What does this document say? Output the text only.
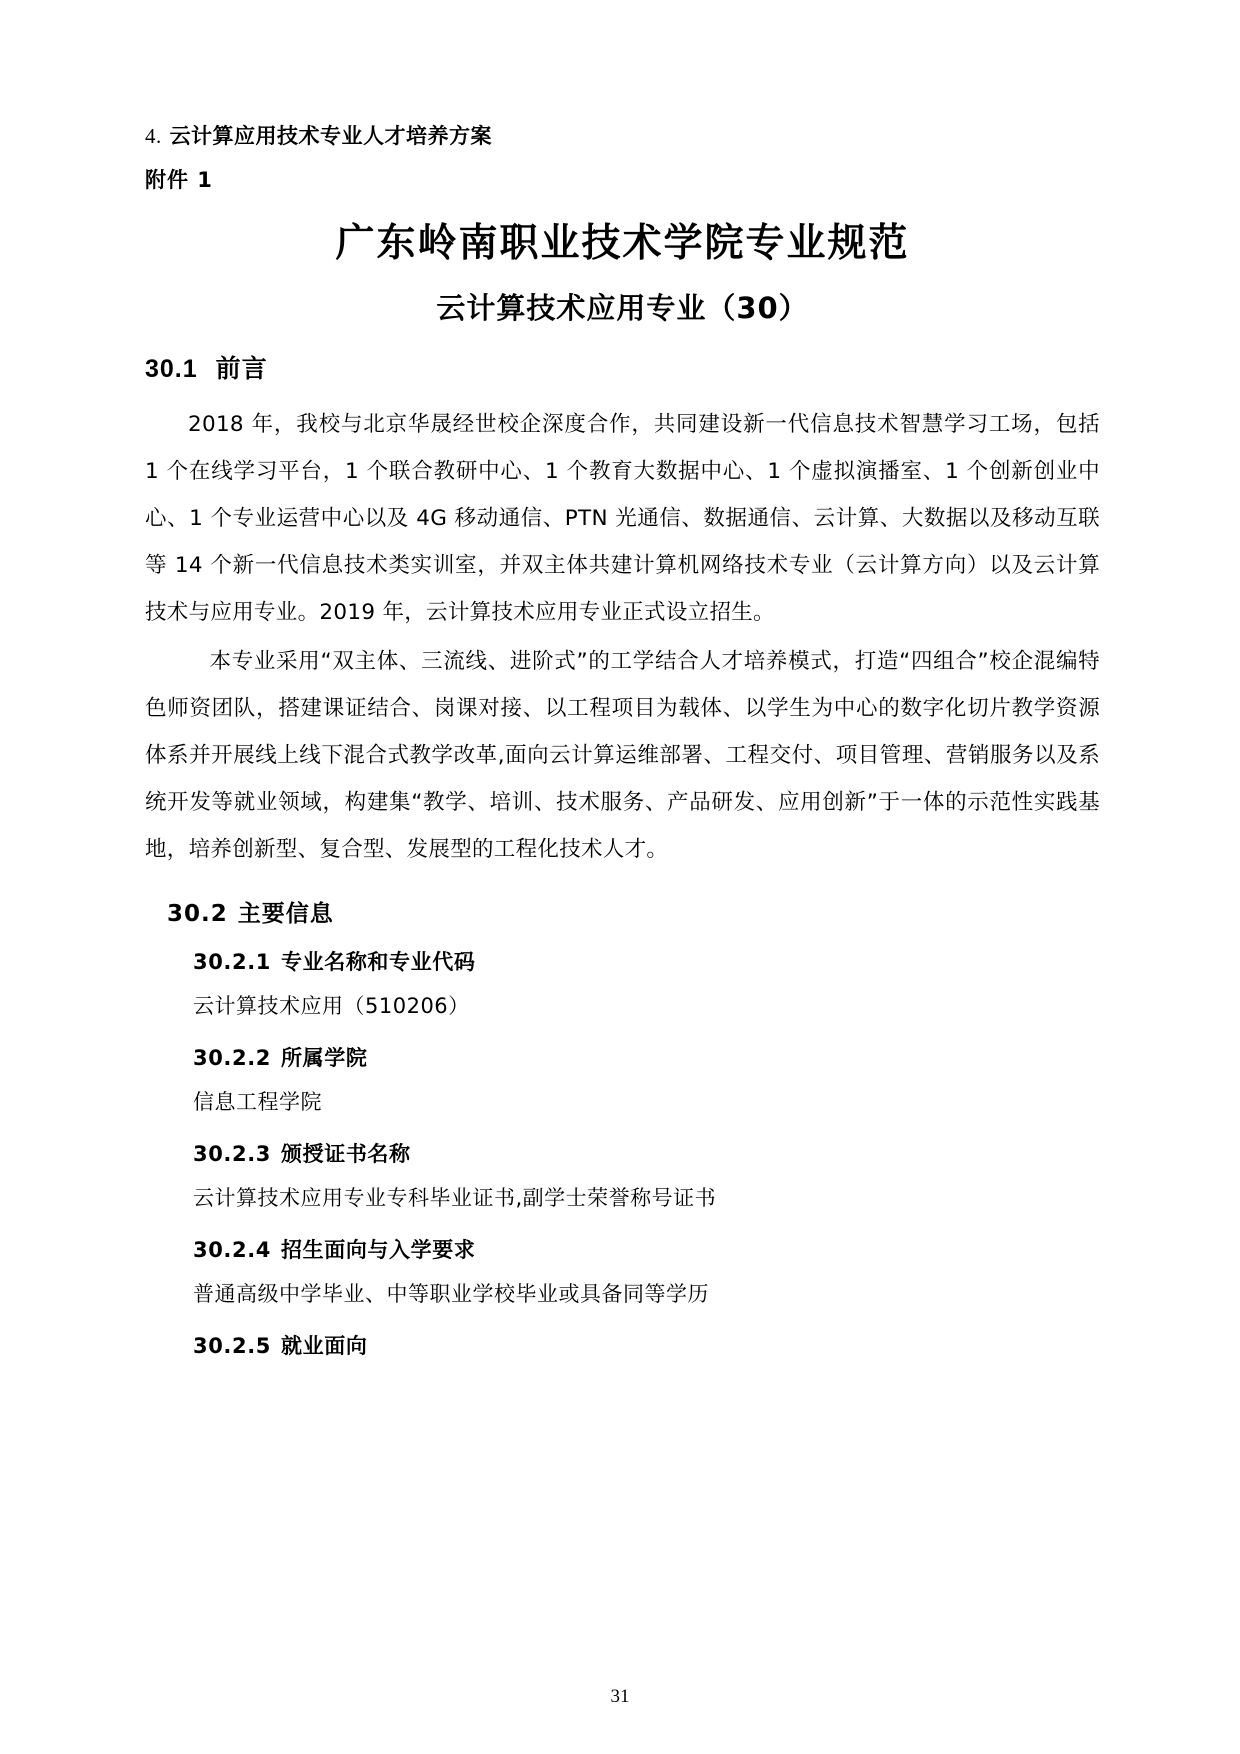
4. 云计算应用技术专业人才培养方案

附件 1

广东岭南职业技术学院专业规范
云计算技术应用专业（30）
30.1 前言

2018 年，我校与北京华晟经世校企深度合作，共同建设新一代信息技术智慧学习工场，包括 1 个在线学习平台，1 个联合教研中心、1 个教育大数据中心、1 个虚拟演播室、1 个创新创业中心、1 个专业运营中心以及 4G 移动通信、PTN 光通信、数据通信、云计算、大数据以及移动互联等 14 个新一代信息技术类实训室，并双主体共建计算机网络技术专业（云计算方向）以及云计算技术与应用专业。2019 年，云计算技术应用专业正式设立招生。

本专业采用“双主体、三流线、进阶式”的工学结合人才培养模式，打造“四组合”校企混编特色师资团队，搭建课证结合、岗课对接、以工程项目为载体、以学生为中心的数字化切片教学资源体系并开展线上线下混合式教学改革,面向云计算运维部署、工程交付、项目管理、营销服务以及系统开发等就业领域，构建集“教学、培训、技术服务、产品研发、应用创新”于一体的示范性实践基地，培养创新型、复合型、发展型的工程化技术人才。

30.2 主要信息
30.2.1 专业名称和专业代码

云计算技术应用（510206）

30.2.2 所属学院

信息工程学院

30.2.3 颁授证书名称

云计算技术应用专业专科毕业证书,副学士荣誉称号证书

30.2.4 招生面向与入学要求

普通高级中学毕业、中等职业学校毕业或具备同等学历

30.2.5 就业面向
31
